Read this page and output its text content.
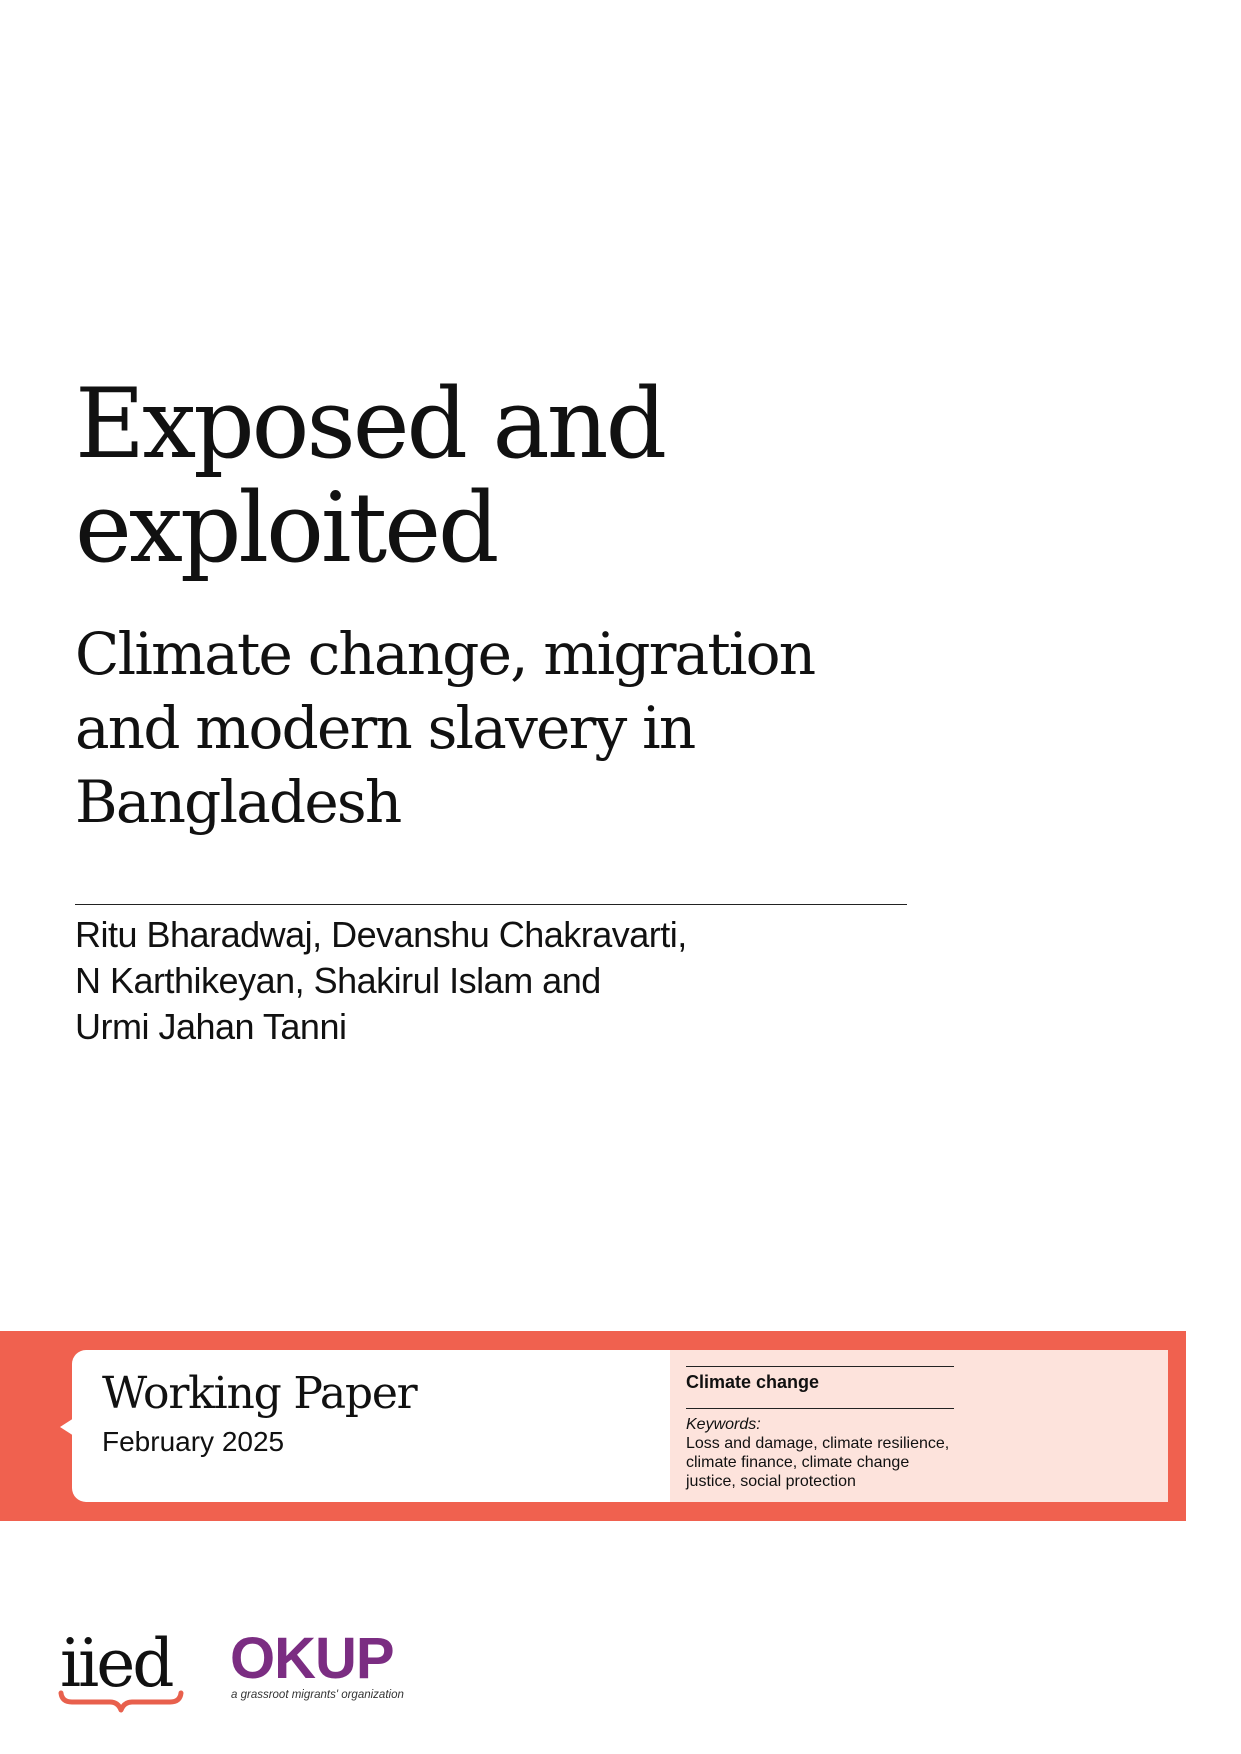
Exposed and
exploited
Climate change, migration
and modern slavery in
Bangladesh

Ritu Bharadwaj, Devanshu Chakravarti,
N Karthikeyan, Shakirul Islam and
Urmi Jahan Tanni

Working Paper

February 2025

Climate change

Keywords:

Loss and damage, climate resilience,
climate finance, climate change
justice, social protection

iied OKUP
a grassroot migrants' organization
